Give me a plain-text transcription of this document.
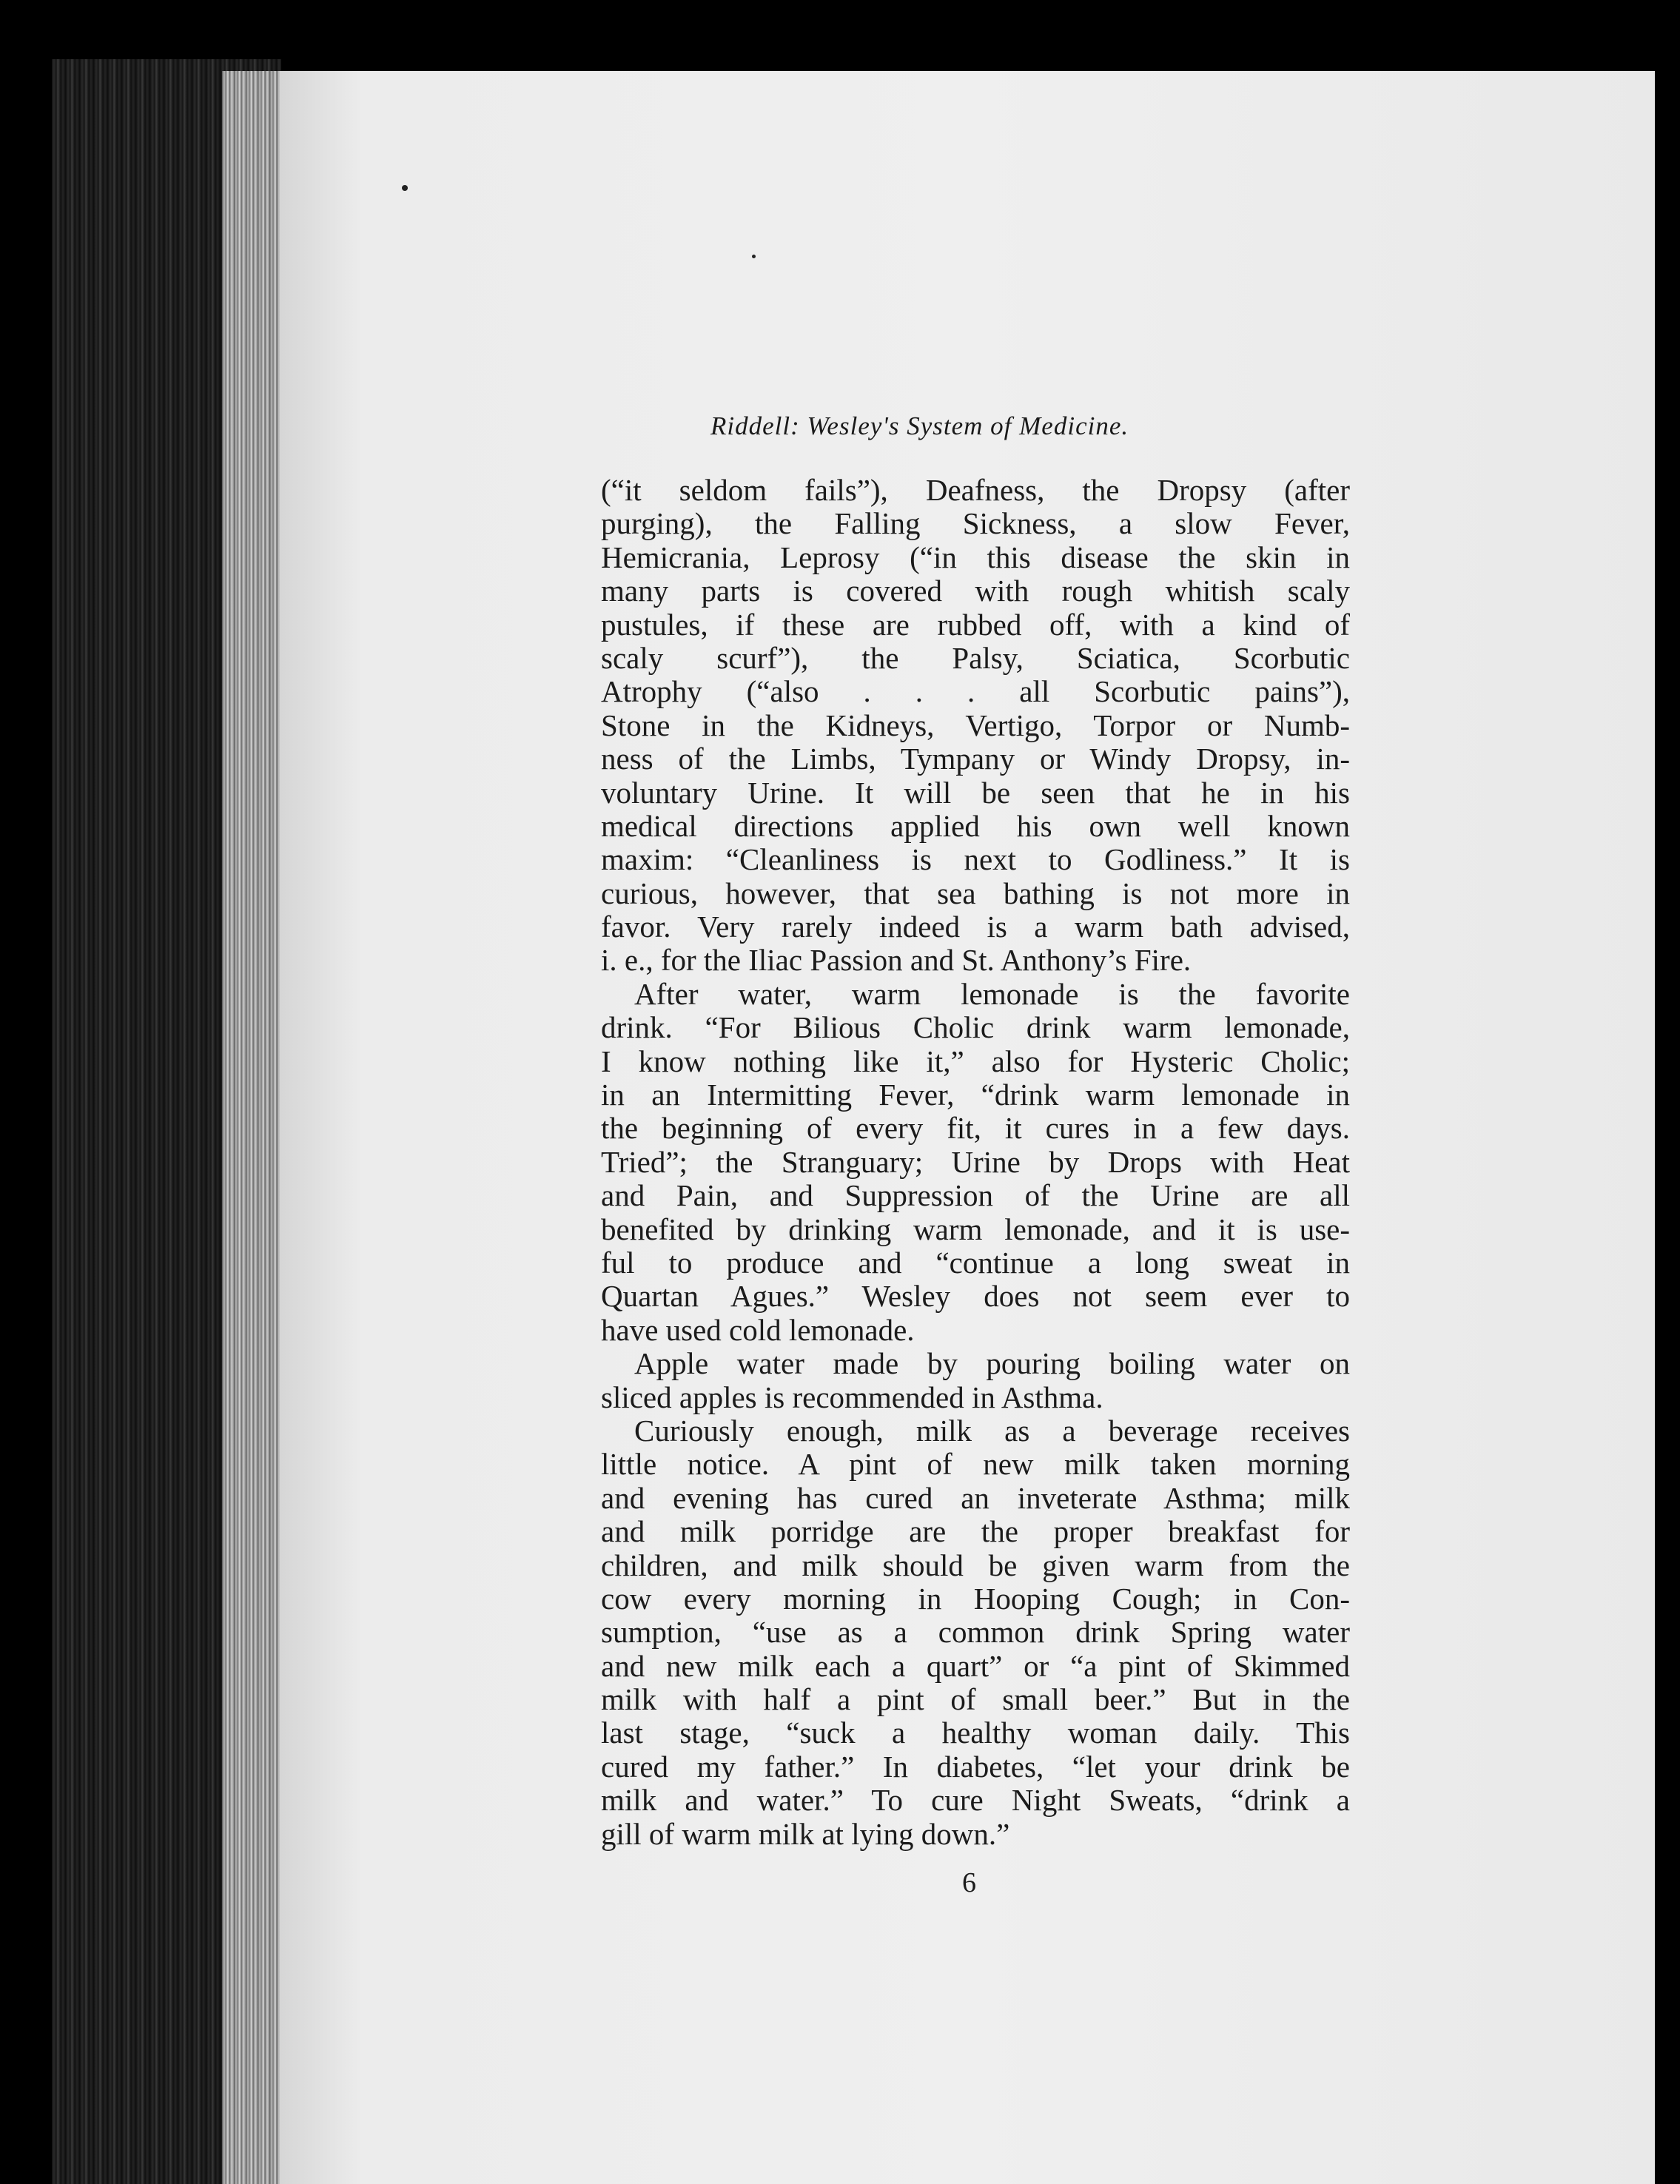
Riddell: Wesley's System of Medicine.
(“it seldom fails”), Deafness, the Dropsy (after
purging), the Falling Sickness, a slow Fever,
Hemicrania, Leprosy (“in this disease the skin in
many parts is covered with rough whitish scaly
pustules, if these are rubbed off, with a kind of
scaly scurf”), the Palsy, Sciatica, Scorbutic
Atrophy (“also . . . all Scorbutic pains”),
Stone in the Kidneys, Vertigo, Torpor or Numb-
ness of the Limbs, Tympany or Windy Dropsy, in-
voluntary Urine. It will be seen that he in his
medical directions applied his own well known
maxim: “Cleanliness is next to Godliness.” It is
curious, however, that sea bathing is not more in
favor. Very rarely indeed is a warm bath advised,
i. e., for the Iliac Passion and St. Anthony’s Fire.
After water, warm lemonade is the favorite
drink. “For Bilious Cholic drink warm lemonade,
I know nothing like it,” also for Hysteric Cholic;
in an Intermitting Fever, “drink warm lemonade in
the beginning of every fit, it cures in a few days.
Tried”; the Stranguary; Urine by Drops with Heat
and Pain, and Suppression of the Urine are all
benefited by drinking warm lemonade, and it is use-
ful to produce and “continue a long sweat in
Quartan Agues.” Wesley does not seem ever to
have used cold lemonade.
Apple water made by pouring boiling water on
sliced apples is recommended in Asthma.
Curiously enough, milk as a beverage receives
little notice. A pint of new milk taken morning
and evening has cured an inveterate Asthma; milk
and milk porridge are the proper breakfast for
children, and milk should be given warm from the
cow every morning in Hooping Cough; in Con-
sumption, “use as a common drink Spring water
and new milk each a quart” or “a pint of Skimmed
milk with half a pint of small beer.” But in the
last stage, “suck a healthy woman daily. This
cured my father.” In diabetes, “let your drink be
milk and water.” To cure Night Sweats, “drink a
gill of warm milk at lying down.”
6
